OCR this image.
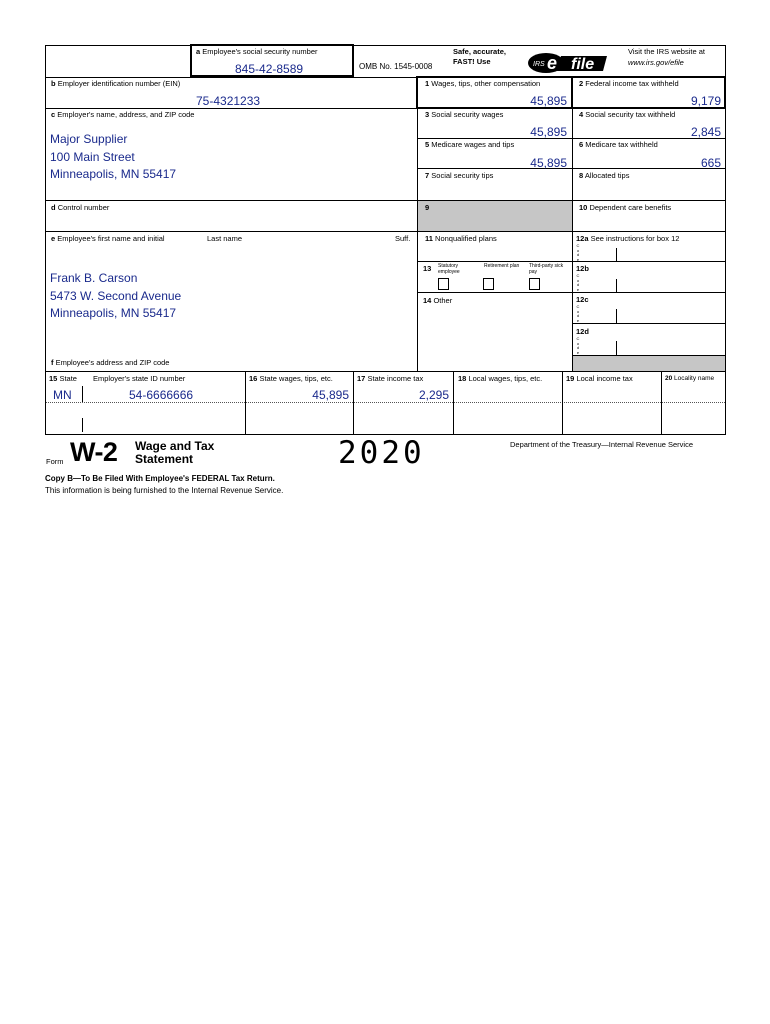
a Employee's social security number
845-42-8589	OMB No. 1545-0008
Safe, accurate,
FAST! Use	IRS e file
Visit the IRS website at
www.irs.gov/efile
b Employer identification number (EIN)
75-4321233
c Employer's name, address, and ZIP code
Major Supplier
100 Main Street
Minneapolis, MN 55417
d Control number
e Employee's first name and initial	Last name	Suff.
Frank B. Carson
5473 W. Second Avenue
Minneapolis, MN 55417
f Employee's address and ZIP code
1 Wages, tips, other compensation
45,895
2 Federal income tax withheld
9,179
3 Social security wages
45,895
4 Social security tax withheld
2,845
5 Medicare wages and tips
45,895
6 Medicare tax withheld
665
7 Social security tips	8 Allocated tips
9	10 Dependent care benefits
11 Nonqualified plans	12a See instructions for box 12
C o d e
12b
C o d e
12c
C o d e
12d
C o d e
13 Statutory employee
Retirement plan Third-party sick pay
14 Other
15 State Employer's state ID number
MN	54-6666666
16 State wages, tips, etc.
45,895
17 State income tax
2,295
18 Local wages, tips, etc.	19 Local income tax	20 Locality name
Form W-2 Wage and Tax
Statement	2020	Department of the Treasury—Internal Revenue Service
Copy B—To Be Filed With Employee's FEDERAL Tax Return.
This information is being furnished to the Internal Revenue Service.
